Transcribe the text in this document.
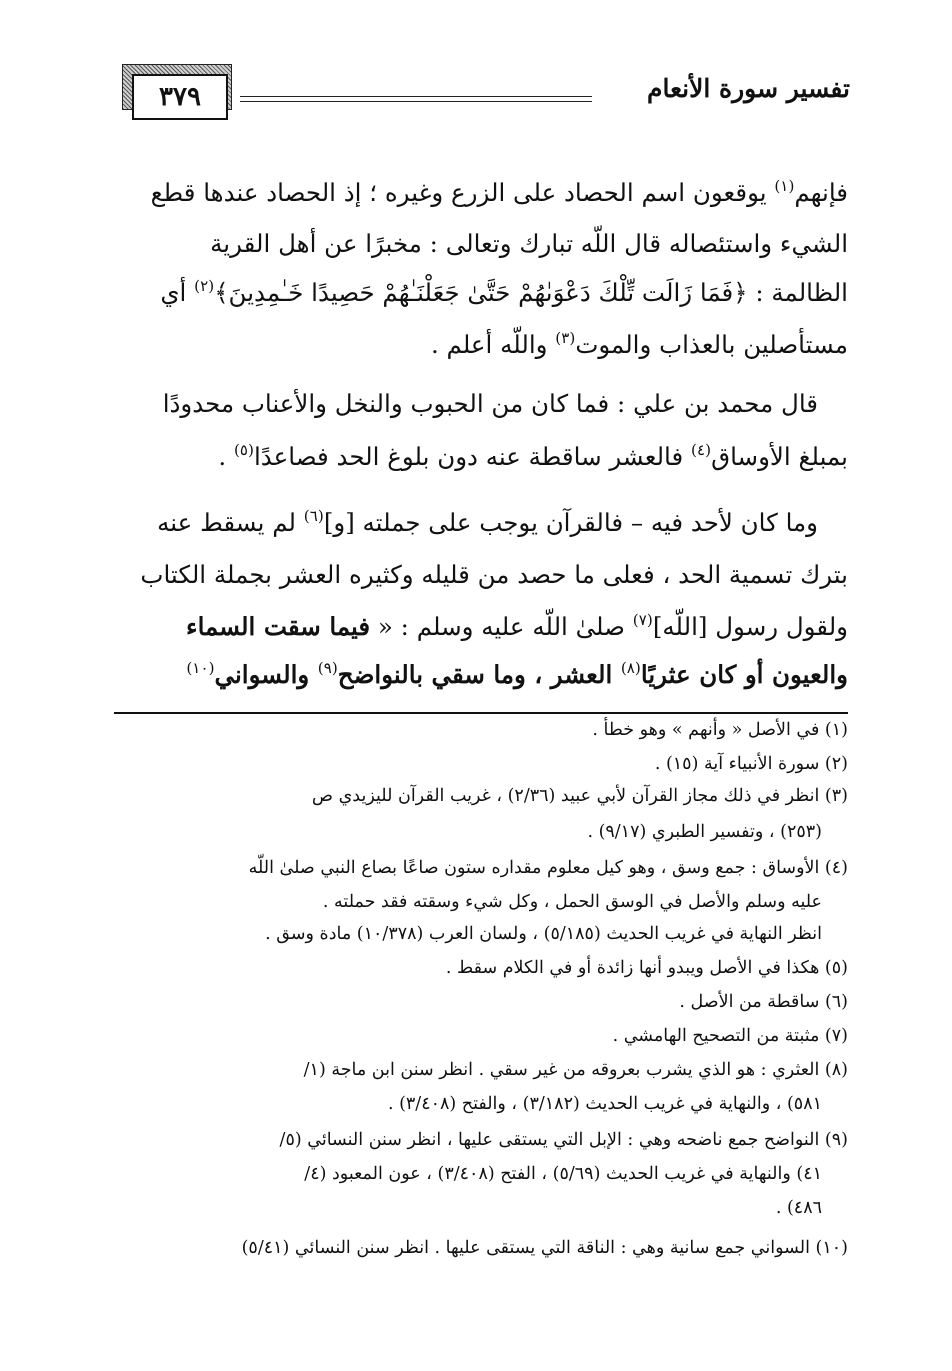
تفسير سورة الأنعام
٣٧٩
فإنهم$^{(١)}$ يوقعون اسم الحصاد على الزرع وغيره ؛ إذ الحصاد عندها قطع
الشيء واستئصاله قال اللّه تبارك وتعالى : مخبرًا عن أهل القرية
الظالمة : ﴿فَمَا زَالَت تِّلْكَ دَعْوَىٰهُمْ حَتَّىٰ جَعَلْنَـٰهُمْ حَصِيدًا خَـٰمِدِينَ﴾$^{(٢)}$ أي
مستأصلين بالعذاب والموت$^{(٣)}$ واللّه أعلم .
قال محمد بن علي : فما كان من الحبوب والنخل والأعناب محدودًا
بمبلغ الأوساق$^{(٤)}$ فالعشر ساقطة عنه دون بلوغ الحد فصاعدًا$^{(٥)}$ .
وما كان لأحد فيه – فالقرآن يوجب على جملته [و]$^{(٦)}$ لم يسقط عنه
بترك تسمية الحد ، فعلى ما حصد من قليله وكثيره العشر بجملة الكتاب
ولقول رسول [اللّه]$^{(٧)}$ صلىٰ اللّه عليه وسلم : « فيما سقت السماء
والعيون أو كان عثريًا$^{(٨)}$ العشر ، وما سقي بالنواضح$^{(٩)}$ والسواني$^{(١٠)}$
(١) في الأصل « وأنهم » وهو خطأ .
(٢) سورة الأنبياء آية (١٥) .
(٣) انظر في ذلك مجاز القرآن لأبي عبيد (٢/٣٦) ، غريب القرآن لليزيدي ص
(٢٥٣) ، وتفسير الطبري (٩/١٧) .
(٤) الأوساق : جمع وسق ، وهو كيل معلوم مقداره ستون صاعًا بصاع النبي صلىٰ اللّه
عليه وسلم والأصل في الوسق الحمل ، وكل شيء وسقته فقد حملته .
انظر النهاية في غريب الحديث (٥/١٨٥) ، ولسان العرب (١٠/٣٧٨) مادة وسق .
(٥) هكذا في الأصل ويبدو أنها زائدة أو في الكلام سقط .
(٦) ساقطة من الأصل .
(٧) مثبتة من التصحيح الهامشي .
(٨) العثري : هو الذي يشرب بعروقه من غير سقي . انظر سنن ابن ماجة (١/
٥٨١) ، والنهاية في غريب الحديث (٣/١٨٢) ، والفتح (٣/٤٠٨) .
(٩) النواضح جمع ناضحه وهي : الإبل التي يستقى عليها ، انظر سنن النسائي (٥/
٤١) والنهاية في غريب الحديث (٥/٦٩) ، الفتح (٣/٤٠٨) ، عون المعبود (٤/
٤٨٦) .
(١٠) السواني جمع سانية وهي : الناقة التي يستقى عليها . انظر سنن النسائي (٥/٤١)
